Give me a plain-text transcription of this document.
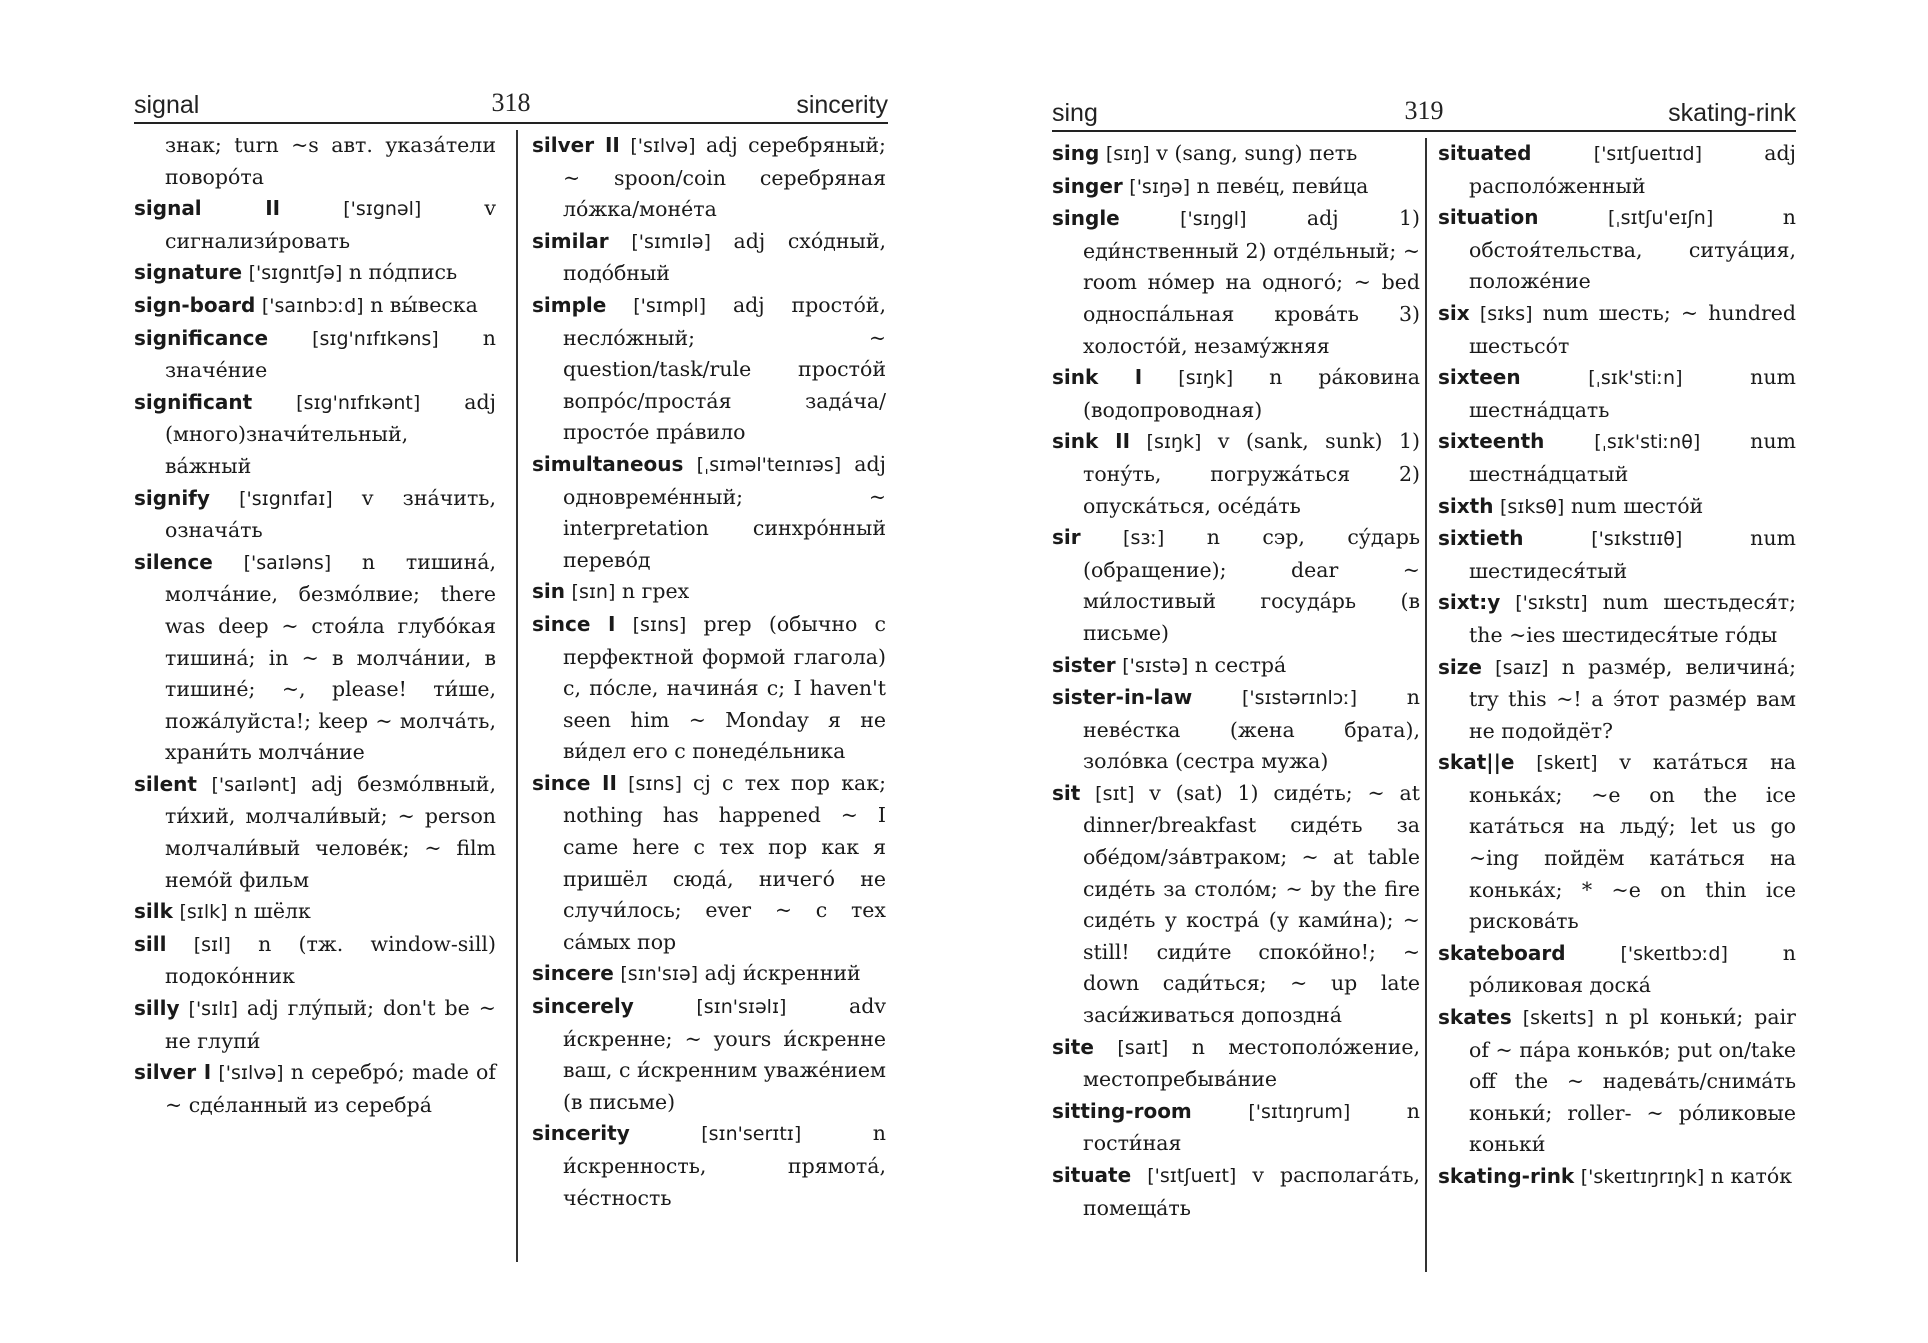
signal	318	sincerity

знак; turn ~s авт. указа́тели поворо́та

signal II	['sɪgnəl]	v сигнализи́ровать

signature ['sɪgnɪtʃə] n по́дпись

sign-board ['saɪnbɔːd] n вы́веска

significance [sɪg'nɪfɪkəns] n значе́ние

significant [sɪg'nɪfɪkənt] adj (много)значи́тельный, ва́жный

signify ['sɪgnɪfaɪ] v зна́чить, означа́ть

silence ['saɪləns] n тишина́, молча́ние, безмо́лвие; there was deep ~ стоя́ла глубо́кая тишина́; in ~ в молча́нии, в тишине́; ~, please! ти́ше, пожа́луйста!; keep ~ молча́ть, храни́ть молча́ние

silent ['saɪlənt] adj безмо́лвный, ти́хий, молчали́вый; ~ person молчали́вый челове́к; ~ film немо́й фильм

silk [sɪlk] n шёлк

sill [sɪl] n (тж. window-sill) подоко́нник

silly ['sɪlɪ] adj глу́пый; don't be ~ не глупи́

silver I ['sɪlvə] n серебро́; made of ~ сде́ланный из серебра́

silver II ['sɪlvə] adj серебряный; ~ spoon/coin серебряная ло́жка/моне́та

similar ['sɪmɪlə] adj схо́дный, подо́бный

simple ['sɪmpl] adj просто́й, несло́жный; ~ question/task/rule просто́й вопро́с/проста́я зада́ча/просто́е пра́вило

simultaneous [ˌsɪməl'teɪnɪəs] adj одновреме́нный; ~ interpretation синхро́нный перево́д

sin [sɪn] n грех

since I [sɪns] prep (обычно с перфектной формой глагола) с, по́сле, начина́я с; I haven't seen him ~ Monday я не ви́дел его с понеде́льника

since II [sɪns] cj с тех пор как; nothing has happened ~ I came here с тех пор как я пришёл сюда́, ничего́ не случи́лось; ever ~ с тех са́мых пор

sincere [sɪn'sɪə] adj и́скренний

sincerely	[sɪn'sɪəlɪ]	adv и́скренне; ~ yours и́скренне ваш, с и́скренним уваже́нием (в письме)

sincerity	[sɪn'serɪtɪ]	n и́скренность, прямота́, че́стность

sing	319	skating-rink

sing [sɪŋ] v (sang, sung) петь

singer ['sɪŋə] n певе́ц, певи́ца

single	['sɪŋgl]	adj 1) еди́нственный 2) отде́льный; ~ room но́мер на одного́; ~ bed односпа́льная крова́ть 3) холосто́й, незаму́жняя

sink I [sɪŋk] n ра́ковина (водопроводная)

sink II [sɪŋk] v (sank, sunk) 1) тону́ть, погружа́ться 2) опуска́ться, осéда́ть

sir [sɜː] n сэр, су́дарь (обращение); dear ~ ми́лостивый госуда́рь (в письме)

sister ['sɪstə] n сестра́

sister-in-law	['sɪstərɪnlɔː] n неве́стка (жена брата), золо́вка (сестра мужа)

sit [sɪt] v (sat) 1) сиде́ть; ~ at dinner/breakfast сиде́ть за обе́дом/за́втраком; ~ at table сиде́ть за столо́м; ~ by the fire сиде́ть у костра́ (у ками́на); ~ still! сиди́те споко́йно!; ~ down сади́ться; ~ up late заси́живаться допоздна́

site [saɪt] n местополо́жение, местопребыва́ние

sitting-room	['sɪtɪŋrum]	n гости́ная

situate ['sɪtʃueɪt] v располага́ть, помеща́ть

situated	['sɪtʃueɪtɪd]	adj располо́женный

situation	[ˌsɪtʃu'eɪʃn]	n обстоя́тельства, ситуа́ция, положе́ние

six [sɪks] num шесть; ~ hundred шестьсо́т

sixteen	[ˌsɪk'stiːn]	num шестна́дцать

sixteenth	[ˌsɪk'stiːnθ] num шестна́дцатый

sixth [sɪksθ] num шесто́й

sixtieth	['sɪkstɪɪθ]	num шестидеся́тый

sixt:y ['sɪkstɪ] num шестьдеся́т; the ~ies шестидеся́тые го́ды

size [saɪz] n разме́р, величина́; try this ~! а э́тот разме́р вам не подойдёт?

skat||e [skeɪt] v ката́ться на конька́х; ~e on the ice ката́ться на льду́; let us go ~ing пойдём ката́ться на конька́х; * ~e on thin ice рискова́ть

skateboard	['skeɪtbɔːd]	n ро́ликовая доска́

skates [skeɪts] n pl коньки́; pair of ~ па́ра конько́в; put on/take off the ~ надева́ть/снима́ть коньки́; roller- ~ ро́ликовые коньки́

skating-rink ['skeɪtɪŋrɪŋk] n като́к
